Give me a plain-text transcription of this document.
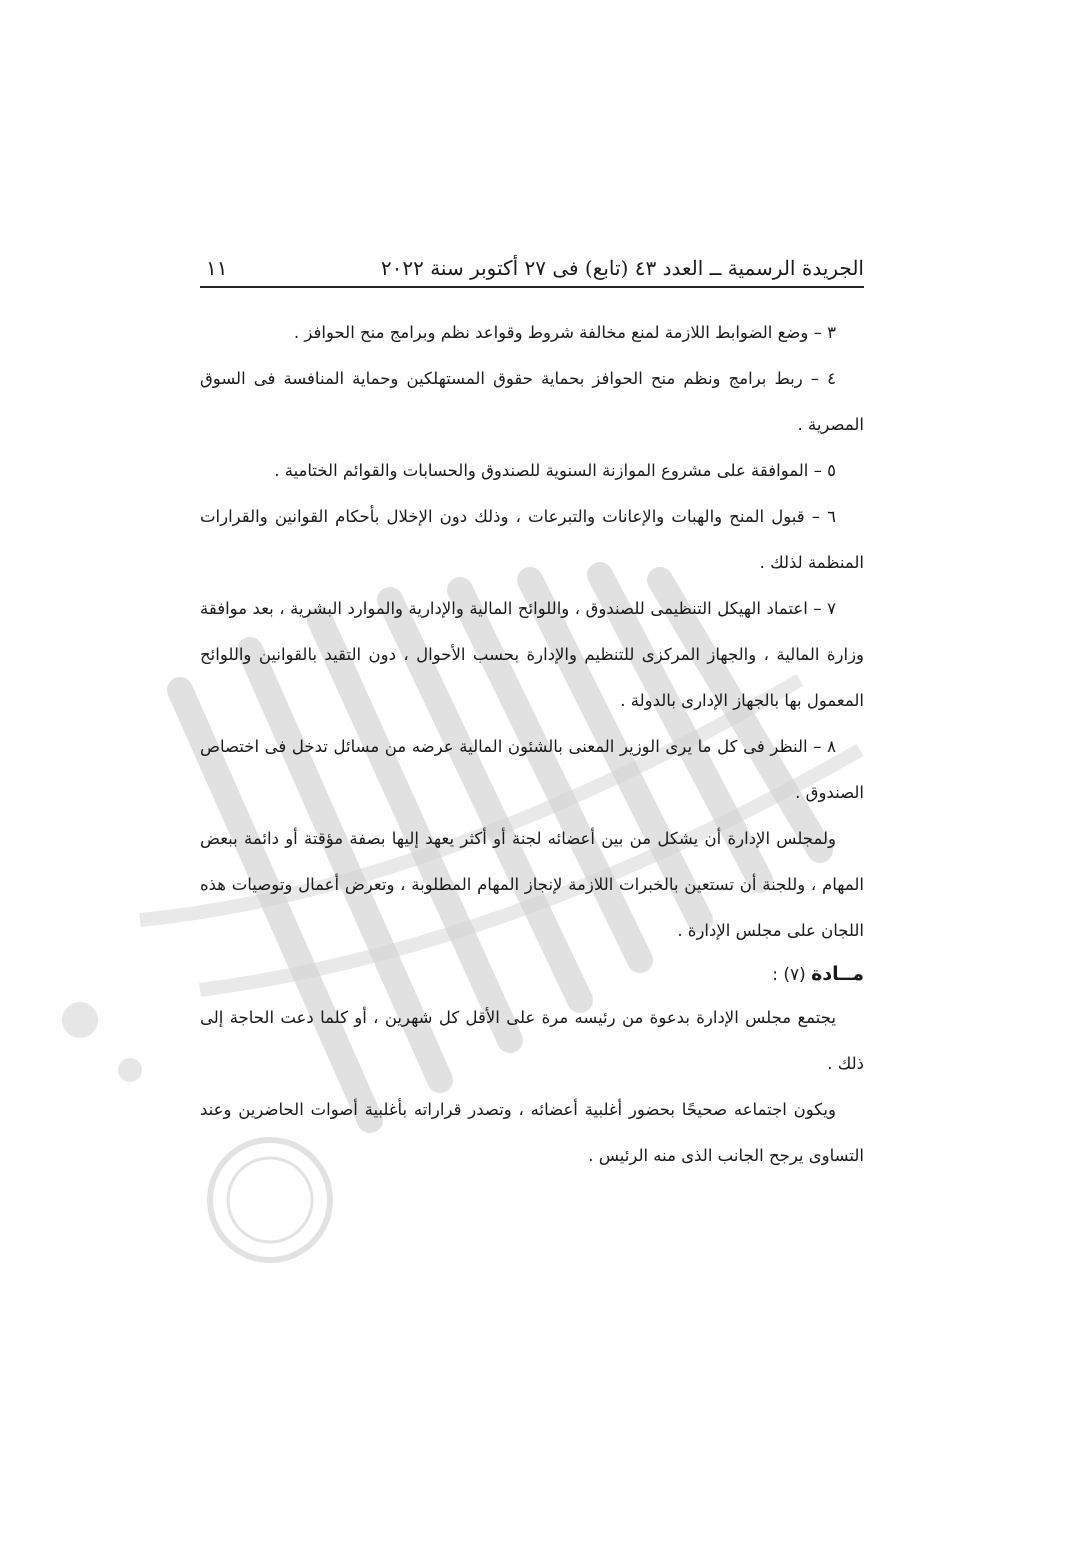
الجريدة الرسمية ــ العدد ٤٣ (تابع) فى ٢٧ أكتوبر سنة ٢٠٢٢
١١

٣ – وضع الضوابط اللازمة لمنع مخالفة شروط وقواعد نظم وبرامج منح الحوافز .

٤ – ربط برامج ونظم منح الحوافز بحماية حقوق المستهلكين وحماية المنافسة فى السوق المصرية .

٥ – الموافقة على مشروع الموازنة السنوية للصندوق والحسابات والقوائم الختامية .

٦ – قبول المنح والهبات والإعانات والتبرعات ، وذلك دون الإخلال بأحكام القوانين والقرارات المنظمة لذلك .

٧ – اعتماد الهيكل التنظيمى للصندوق ، واللوائح المالية والإدارية والموارد البشرية ، بعد موافقة وزارة المالية ، والجهاز المركزى للتنظيم والإدارة بحسب الأحوال ، دون التقيد بالقوانين واللوائح المعمول بها بالجهاز الإدارى بالدولة .

٨ – النظر فى كل ما يرى الوزير المعنى بالشئون المالية عرضه من مسائل تدخل فى اختصاص الصندوق .

ولمجلس الإدارة أن يشكل من بين أعضائه لجنة أو أكثر يعهد إليها بصفة مؤقتة أو دائمة ببعض المهام ، وللجنة أن تستعين بالخبرات اللازمة لإنجاز المهام المطلوبة ، وتعرض أعمال وتوصيات هذه اللجان على مجلس الإدارة .

مــادة (٧) :

يجتمع مجلس الإدارة بدعوة من رئيسه مرة على الأقل كل شهرين ، أو كلما دعت الحاجة إلى ذلك .

ويكون اجتماعه صحيحًا بحضور أغلبية أعضائه ، وتصدر قراراته بأغلبية أصوات الحاضرين وعند التساوى يرجح الجانب الذى منه الرئيس .
